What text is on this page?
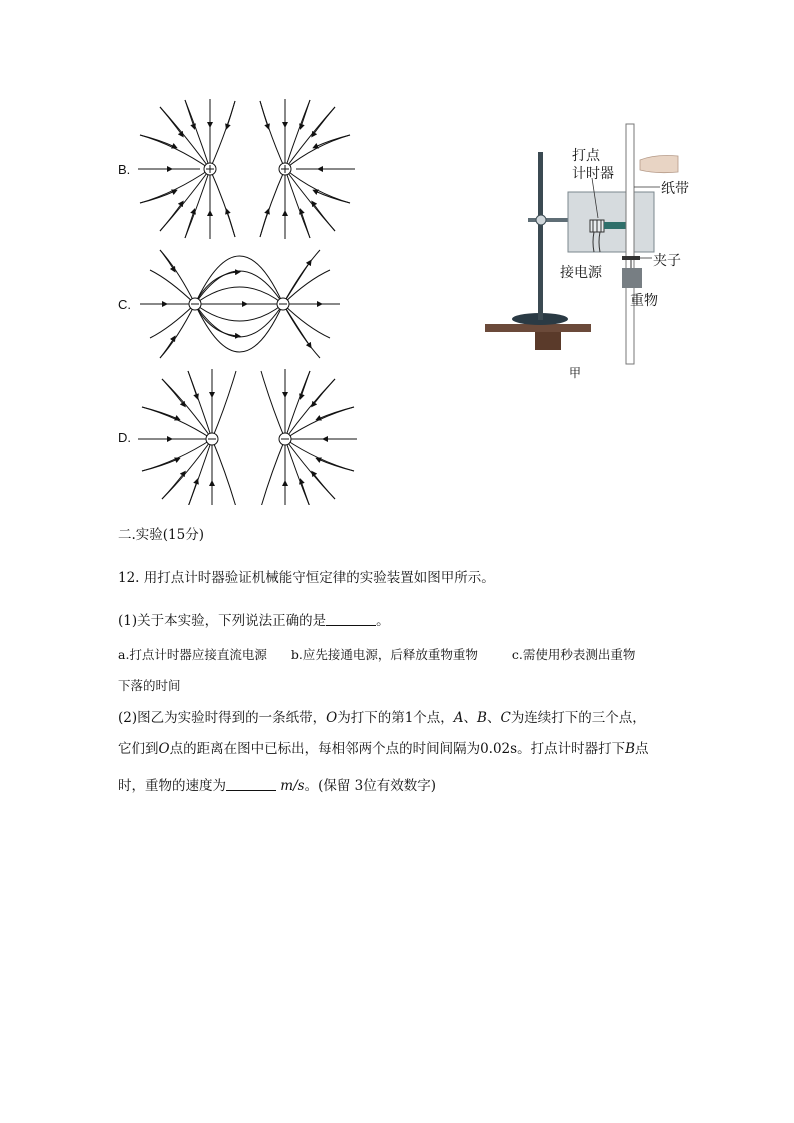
B.
C.
D.
打点
计时器
纸带
夹子
接电源
重物
甲
二.实验(15分)
12. 用打点计时器验证机械能守恒定律的实验装置如图甲所示。
(1)关于本实验，下列说法正确的是	。
a.打点计时器应接直流电源 b.应先接通电源，后释放重物重物	c.需使用秒表测出重物
下落的时间
(2)图乙为实验时得到的一条纸带，O为打下的第1个点，A、B、C为连续打下的三个点，
它们到O点的距离在图中已标出，每相邻两个点的时间间隔为0.02s。打点计时器打下B点
时，重物的速度为	m/s。(保留 3位有效数字)
